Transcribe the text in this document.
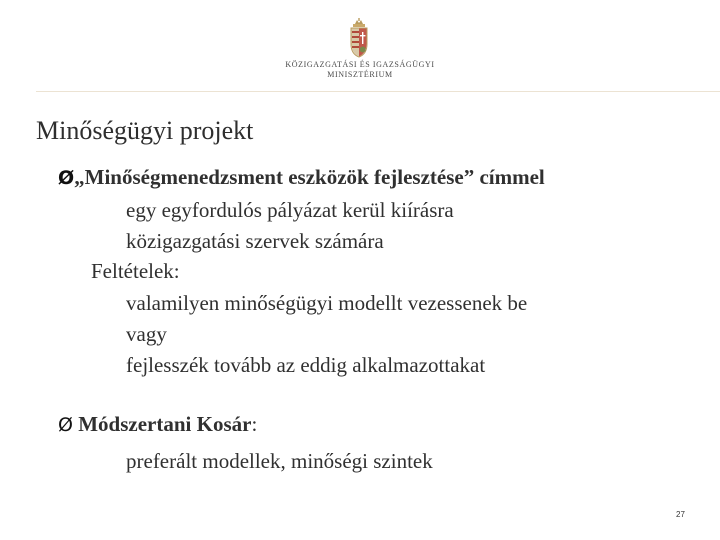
KÖZIGAZGATÁSI ÉS IGAZSÁGÜGYI
MINISZTÉRIUM
Minőségügyi projekt
Ø„Minőségmenedzsment eszközök fejlesztése” címmel
egy egyfordulós pályázat kerül kiírásra
közigazgatási szervek számára
Feltételek:
valamilyen minőségügyi modellt vezessenek be
vagy
fejlesszék tovább az eddig alkalmazottakat
Ø Módszertani Kosár:
preferált modellek, minőségi szintek
27
